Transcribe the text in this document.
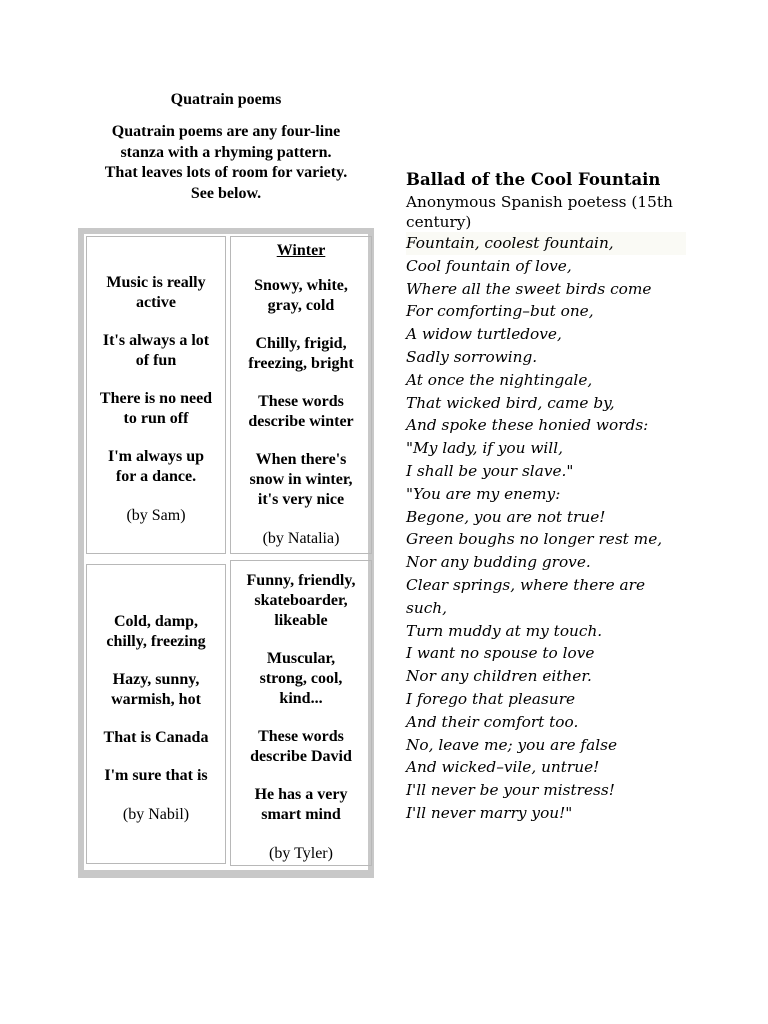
Quatrain poems
Quatrain poems are any four-line
stanza with a rhyming pattern.
That leaves lots of room for variety.
See below.
Music is really
active
It's always a lot
of fun
There is no need
to run off
I'm always up
for a dance.
(by Sam)
Winter
Snowy, white,
gray, cold
Chilly, frigid,
freezing, bright
These words
describe winter
When there's
snow in winter,
it's very nice
(by Natalia)
Cold, damp,
chilly, freezing
Hazy, sunny,
warmish, hot
That is Canada
I'm sure that is
(by Nabil)
Funny, friendly,
skateboarder,
likeable
Muscular,
strong, cool,
kind...
These words
describe David
He has a very
smart mind
(by Tyler)
Ballad of the Cool Fountain
Anonymous Spanish poetess (15th century)
Fountain, coolest fountain,
Cool fountain of love,
Where all the sweet birds come
For comforting–but one,
A widow turtledove,
Sadly sorrowing.
At once the nightingale,
That wicked bird, came by,
And spoke these honied words:
"My lady, if you will,
I shall be your slave."
"You are my enemy:
Begone, you are not true!
Green boughs no longer rest me,
Nor any budding grove.
Clear springs, where there are such,
Turn muddy at my touch.
I want no spouse to love
Nor any children either.
I forego that pleasure
And their comfort too.
No, leave me; you are false
And wicked–vile, untrue!
I'll never be your mistress!
I'll never marry you!"
